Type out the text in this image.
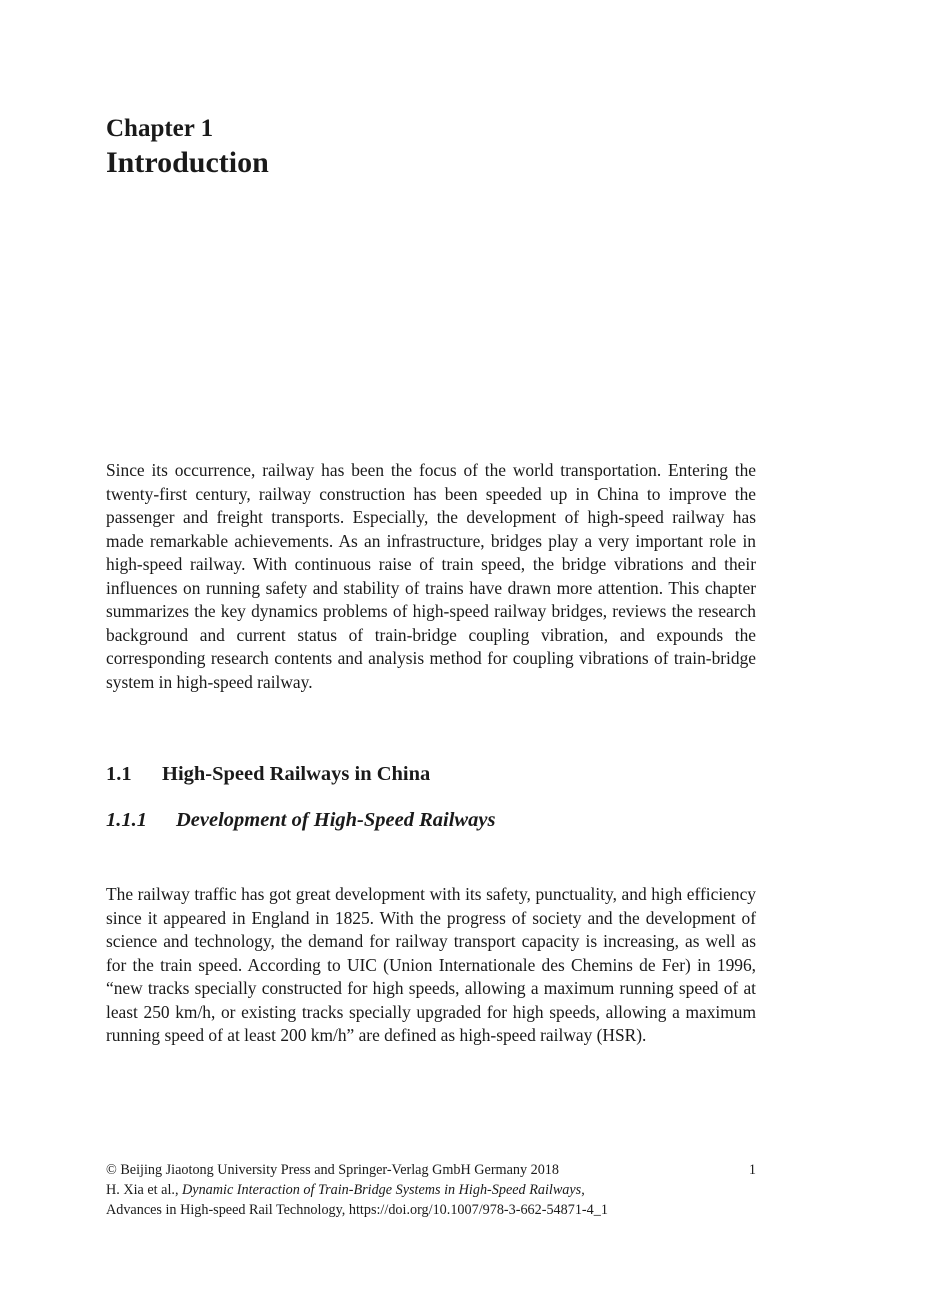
Chapter 1
Introduction

Since its occurrence, railway has been the focus of the world transportation. Entering the twenty-first century, railway construction has been speeded up in China to improve the passenger and freight transports. Especially, the development of high-speed railway has made remarkable achievements. As an infrastructure, bridges play a very important role in high-speed railway. With continuous raise of train speed, the bridge vibrations and their influences on running safety and stability of trains have drawn more attention. This chapter summarizes the key dynamics problems of high-speed railway bridges, reviews the research background and current status of train-bridge coupling vibration, and expounds the corresponding research contents and analysis method for coupling vibrations of train-bridge system in high-speed railway.

1.1 High-Speed Railways in China
1.1.1 Development of High-Speed Railways

The railway traffic has got great development with its safety, punctuality, and high efficiency since it appeared in England in 1825. With the progress of society and the development of science and technology, the demand for railway transport capacity is increasing, as well as for the train speed. According to UIC (Union Internationale des Chemins de Fer) in 1996, “new tracks specially constructed for high speeds, allowing a maximum running speed of at least 250 km/h, or existing tracks specially upgraded for high speeds, allowing a maximum running speed of at least 200 km/h” are defined as high-speed railway (HSR).

© Beijing Jiaotong University Press and Springer-Verlag GmbH Germany 2018	1
H. Xia et al., Dynamic Interaction of Train-Bridge Systems in High-Speed Railways,
Advances in High-speed Rail Technology, https://doi.org/10.1007/978-3-662-54871-4_1
